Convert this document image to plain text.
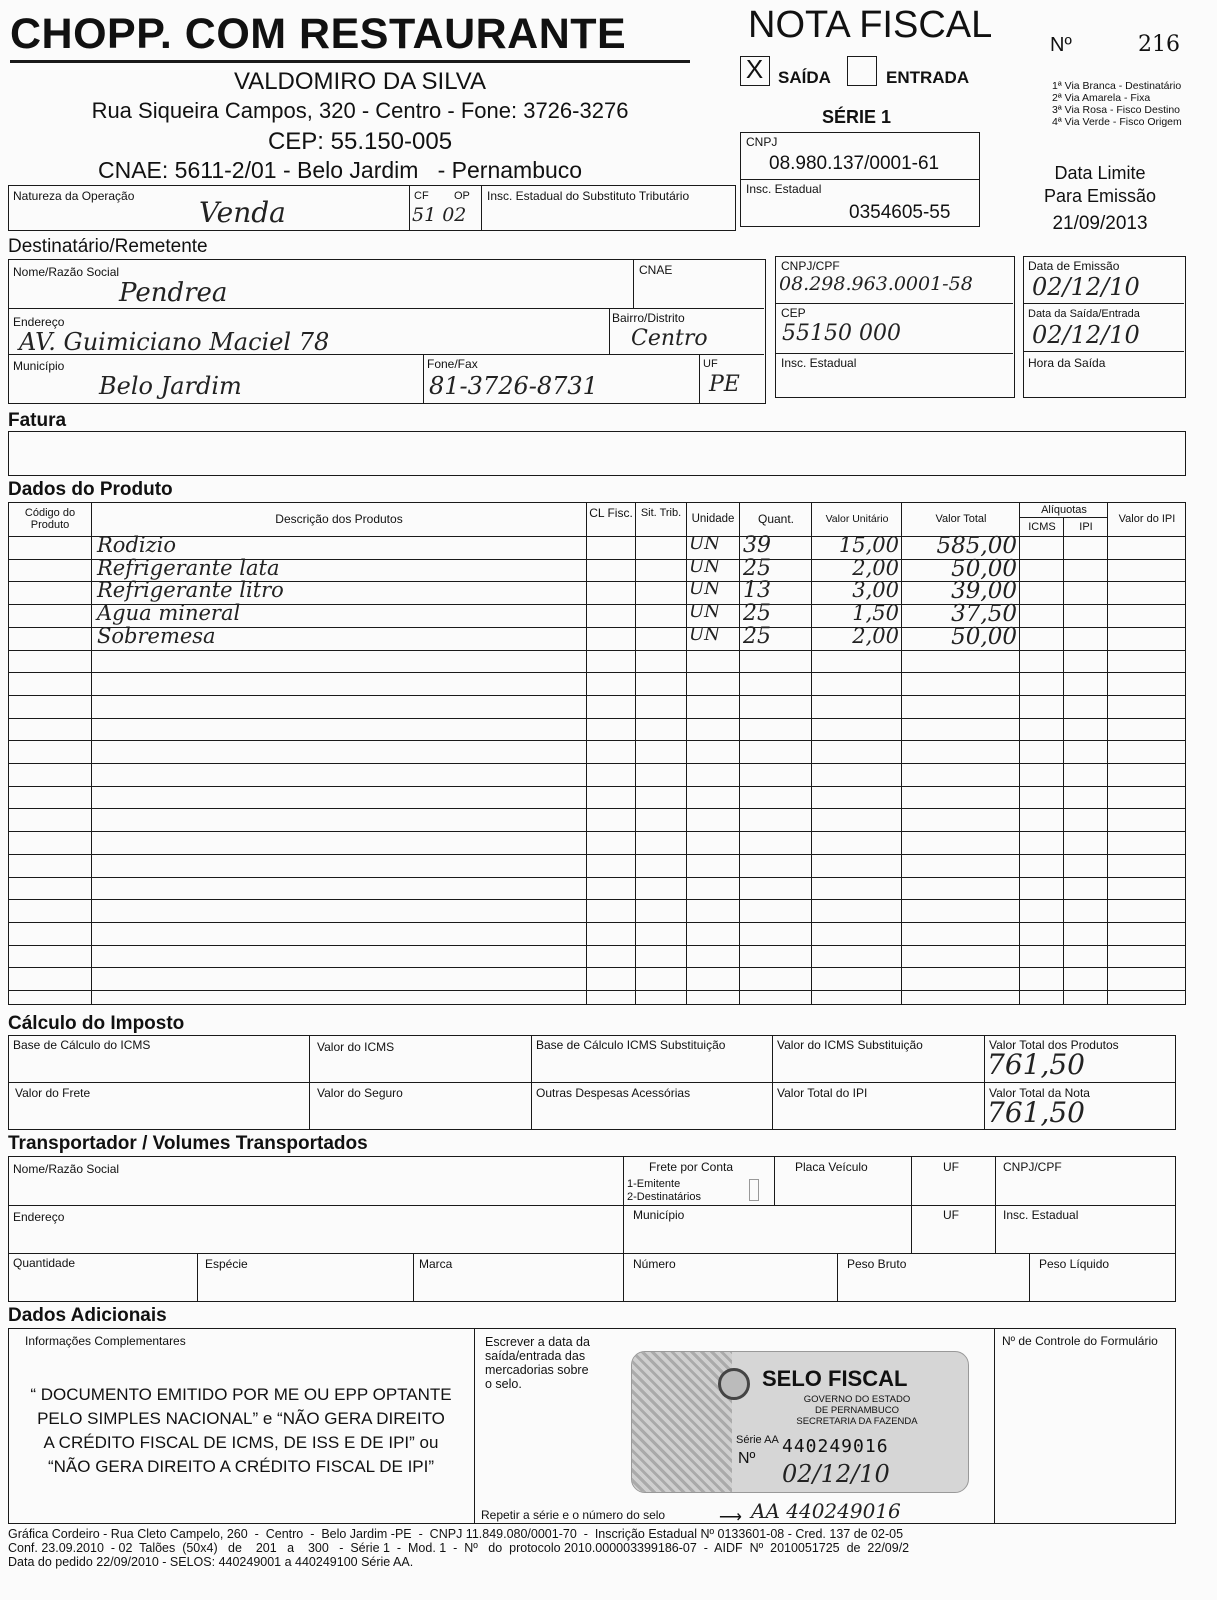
CHOPP. COM RESTAURANTE
VALDOMIRO DA SILVA
Rua Siqueira Campos, 320 - Centro - Fone: 3726-3276
CEP: 55.150-005
CNAE: 5611-2/01 - Belo Jardim   - Pernambuco
NOTA FISCAL	Nº	216
X SAÍDA	ENTRADA
SÉRIE 1
CNPJ
08.980.137/0001-61
Insc. Estadual
0354605-55
1ª Via Branca - Destinatário
2ª Via Amarela - Fixa
3ª Via Rosa - Fisco Destino
4ª Via Verde - Fisco Origem
Data Limite
Para Emissão
21/09/2013
Natureza da Operação Venda	CF OP
51 02
Insc. Estadual do Substituto Tributário
Destinatário/Remetente
Nome/Razão Social
Pendrea
CNAE
Endereço
AV. Guimiciano Maciel 78
Bairro/Distrito
Centro
Município
Belo Jardim
Fone/Fax
81-3726-8731
UF
PE
CNPJ/CPF
08.298.963.0001-58
CEP
55150 000
Insc. Estadual
Data de Emissão
02/12/10
Data da Saída/Entrada
02/12/10
Hora da Saída
Fatura
Dados do Produto
Código do Produto	Descrição dos Produtos	CL Fisc. Sit. Trib. Unidade	Quant.	Valor Unitário	Valor Total
Alíquotas
ICMS	IPI
Valor do IPI
Rodizio	UN	39	15,00	585,00
Refrigerante lata	UN	25	2,00	50,00
Refrigerante litro	UN	13	3,00	39,00
Agua mineral	UN	25	1,50	37,50
Sobremesa	UN	25	2,00	50,00
Cálculo do Imposto
Base de Cálculo do ICMS	Valor do ICMS	Base de Cálculo ICMS Substituição	Valor do ICMS Substituição	Valor Total dos Produtos
761,50
Valor do Frete	Valor do Seguro	Outras Despesas Acessórias	Valor Total do IPI	Valor Total da Nota
761,50
Transportador / Volumes Transportados
Nome/Razão Social	Frete por Conta
1-Emitente
2-Destinatários
Placa Veículo	UF	CNPJ/CPF
Endereço	Município	UF	Insc. Estadual
Quantidade	Espécie	Marca	Número	Peso Bruto	Peso Líquido
Dados Adicionais
Informações Complementares
“ DOCUMENTO EMITIDO POR ME OU EPP OPTANTE
PELO SIMPLES NACIONAL” e “NÃO GERA DIREITO
A CRÉDITO FISCAL DE ICMS, DE ISS E DE IPI” ou
“NÃO GERA DIREITO A CRÉDITO FISCAL DE IPI”
Escrever a data da
saída/entrada das
mercadorias sobre
o selo.
Nº de Controle do Formulário
SELO FISCAL
GOVERNO DO ESTADO
DE PERNAMBUCO
SECRETARIA DA FAZENDA
Série AA
Nº
440249016
02/12/10
Repetir a série e o número do selo	⟶ AA 440249016
Gráfica Cordeiro - Rua Cleto Campelo, 260  -  Centro  -  Belo Jardim -PE  -  CNPJ 11.849.080/0001-70  -  Inscrição Estadual Nº 0133601-08 - Cred. 137 de 02-05
Conf. 23.09.2010  - 02  Talões  (50x4)   de    201   a    300   -  Série 1  -  Mod. 1  -  Nº   do  protocolo 2010.000003399186-07  -  AIDF  Nº  2010051725  de  22/09/2
Data do pedido 22/09/2010 - SELOS: 440249001 a 440249100 Série AA.
